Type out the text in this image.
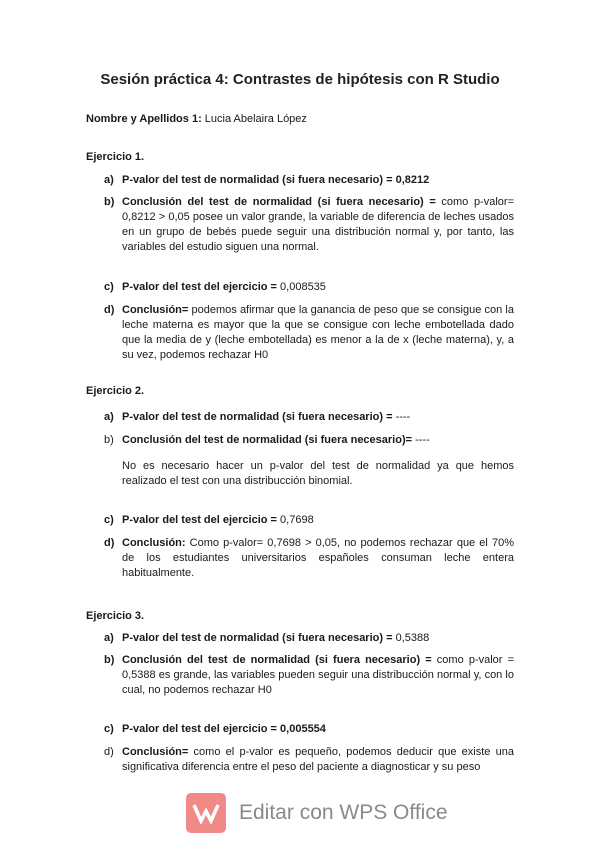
Sesión práctica 4: Contrastes de hipótesis con R Studio
Nombre y Apellidos 1: Lucia Abelaira López
Ejercicio 1.
a) P-valor del test de normalidad (si fuera necesario) = 0,8212
b) Conclusión del test de normalidad (si fuera necesario) = como p-valor= 0,8212 > 0,05 posee un valor grande, la variable de diferencia de leches usados en un grupo de bebés puede seguir una distribución normal y, por tanto, las variables del estudio siguen una normal.
c) P-valor del test del ejercicio = 0,008535
d) Conclusión= podemos afirmar que la ganancia de peso que se consigue con la leche materna es mayor que la que se consigue con leche embotellada dado que la media de y (leche embotellada) es menor a la de x (leche materna), y, a su vez, podemos rechazar H0
Ejercicio 2.
a) P-valor del test de normalidad (si fuera necesario) = ----
b) Conclusión del test de normalidad (si fuera necesario)= ----
No es necesario hacer un p-valor del test de normalidad ya que hemos realizado el test con una distribucción binomial.
c) P-valor del test del ejercicio = 0,7698
d) Conclusión: Como p-valor= 0,7698 > 0,05, no podemos rechazar que el 70% de los estudiantes universitarios españoles consuman leche entera habitualmente.
Ejercicio 3.
a) P-valor del test de normalidad (si fuera necesario) = 0,5388
b) Conclusión del test de normalidad (si fuera necesario) = como p-valor = 0,5388 es grande, las variables pueden seguir una distribucción normal y, con lo cual, no podemos rechazar H0
c) P-valor del test del ejercicio = 0,005554
d) Conclusión= como el p-valor es pequeño, podemos deducir que existe una significativa diferencia entre el peso del paciente a diagnosticar y su peso
Editar con WPS Office
